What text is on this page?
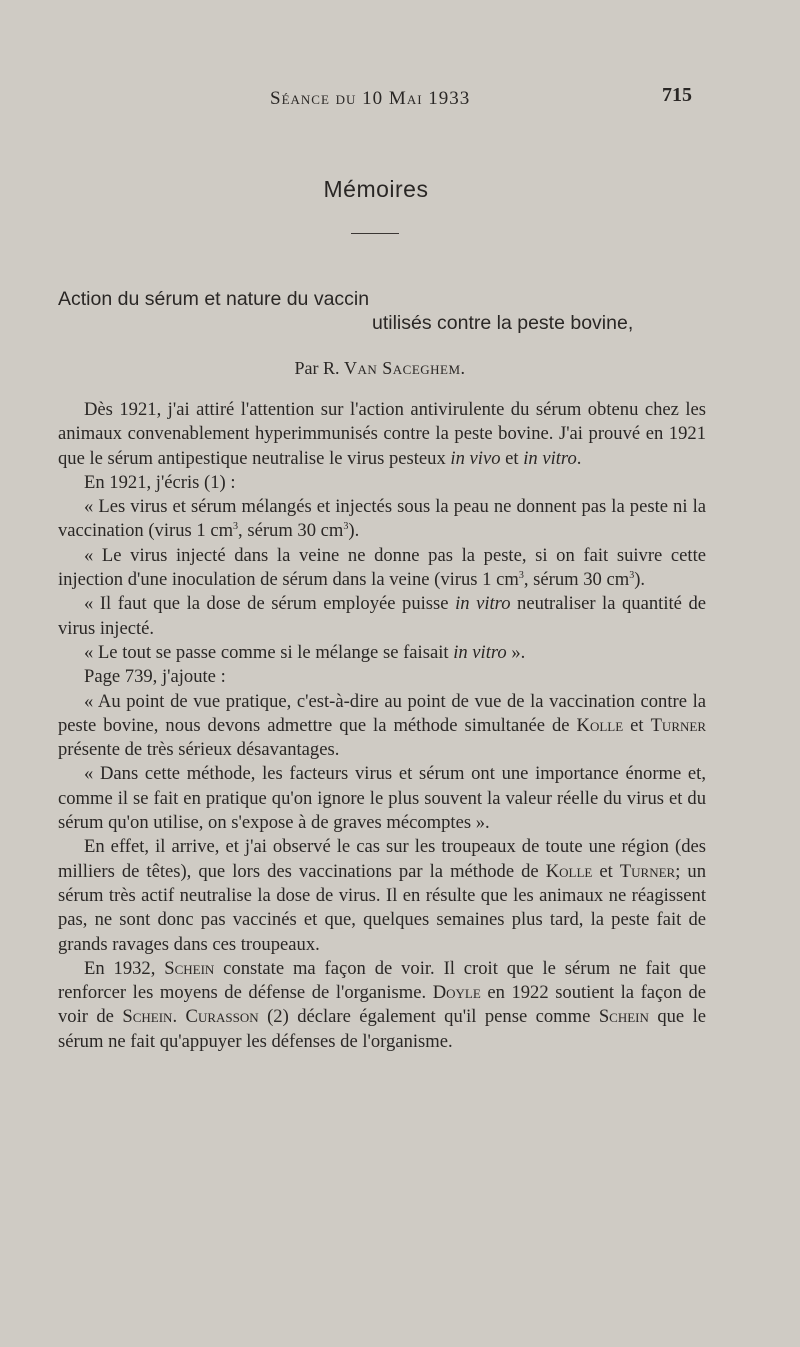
Séance du 10 Mai 1933	715
Mémoires
Action du sérum et nature du vaccin
utilisés contre la peste bovine,
Par R. Van Saceghem.

Dès 1921, j'ai attiré l'attention sur l'action antivirulente du sérum obtenu chez les animaux convenablement hyperimmunisés contre la peste bovine. J'ai prouvé en 1921 que le sérum antipestique neutralise le virus pesteux in vivo et in vitro.

En 1921, j'écris (1) :

« Les virus et sérum mélangés et injectés sous la peau ne donnent pas la peste ni la vaccination (virus 1 $cm^3$, sérum 30 $cm^3$).

« Le virus injecté dans la veine ne donne pas la peste, si on fait suivre cette injection d'une inoculation de sérum dans la veine (virus 1 $cm^3$, sérum 30 $cm^3$).

« Il faut que la dose de sérum employée puisse in vitro neutraliser la quantité de virus injecté.

« Le tout se passe comme si le mélange se faisait in vitro ».

Page 739, j'ajoute :

« Au point de vue pratique, c'est-à-dire au point de vue de la vaccination contre la peste bovine, nous devons admettre que la méthode simultanée de Kolle et Turner présente de très sérieux désavantages.

« Dans cette méthode, les facteurs virus et sérum ont une importance énorme et, comme il se fait en pratique qu'on ignore le plus souvent la valeur réelle du virus et du sérum qu'on utilise, on s'expose à de graves mécomptes ».

En effet, il arrive, et j'ai observé le cas sur les troupeaux de toute une région (des milliers de têtes), que lors des vaccinations par la méthode de Kolle et Turner; un sérum très actif neutralise la dose de virus. Il en résulte que les animaux ne réagissent pas, ne sont donc pas vaccinés et que, quelques semaines plus tard, la peste fait de grands ravages dans ces troupeaux.

En 1932, Schein constate ma façon de voir. Il croit que le sérum ne fait que renforcer les moyens de défense de l'organisme. Doyle en 1922 soutient la façon de voir de Schein. Curasson (2) déclare également qu'il pense comme Schein que le sérum ne fait qu'appuyer les défenses de l'organisme.
